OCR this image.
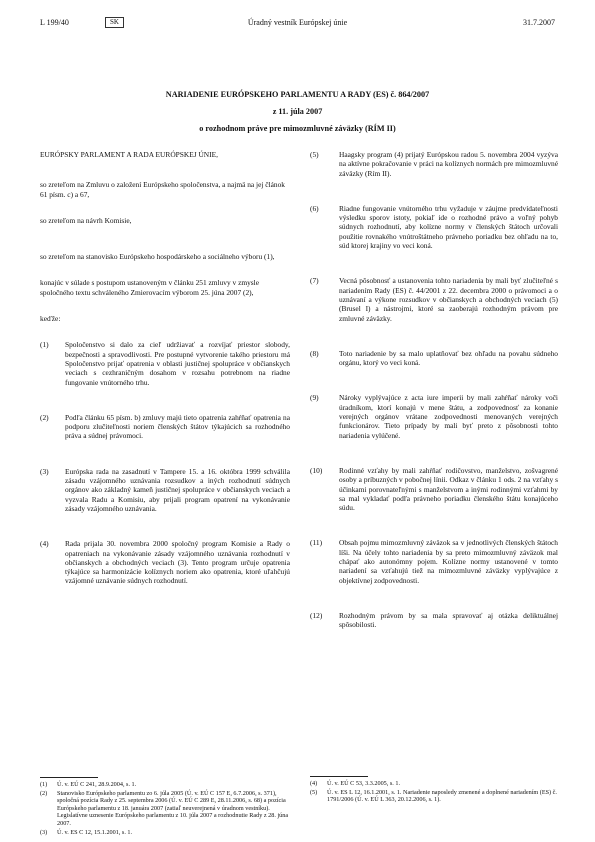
L 199/40	SK	Úradný vestník Európskej únie	31.7.2007
NARIADENIE EURÓPSKEHO PARLAMENTU A RADY (ES) č. 864/2007
z 11. júla 2007
o rozhodnom práve pre mimozmluvné záväzky (RÍM II)

EURÓPSKY PARLAMENT A RADA EURÓPSKEJ ÚNIE,

so zreteľom na Zmluvu o založení Európskeho spoločenstva, a najmä na jej článok 61 písm. c) a 67,

so zreteľom na návrh Komisie,

so zreteľom na stanovisko Európskeho hospodárskeho a sociálneho výboru (1),

konajúc v súlade s postupom ustanoveným v článku 251 zmluvy v zmysle spoločného textu schváleného Zmierovacím výborom 25. júna 2007 (2),

keďže:

(1) Spoločenstvo si dalo za cieľ udržiavať a rozvíjať priestor slobody, bezpečnosti a spravodlivosti. Pre postupné vytvorenie takého priestoru má Spoločenstvo prijať opatrenia v oblasti justičnej spolupráce v občianskych veciach s cezhraničným dosahom v rozsahu potrebnom na riadne fungovanie vnútorného trhu.
(2) Podľa článku 65 písm. b) zmluvy majú tieto opatrenia zahŕňať opatrenia na podporu zlučiteľnosti noriem členských štátov týkajúcich sa rozhodného práva a súdnej právomoci.
(3) Európska rada na zasadnutí v Tampere 15. a 16. októbra 1999 schválila zásadu vzájomného uznávania rozsudkov a iných rozhodnutí súdnych orgánov ako základný kameň justičnej spolupráce v občianskych veciach a vyzvala Radu a Komisiu, aby prijali program opatrení na vykonávanie zásady vzájomného uznávania.
(4) Rada prijala 30. novembra 2000 spoločný program Komisie a Rady o opatreniach na vykonávanie zásady vzájomného uznávania rozhodnutí v občianskych a obchodných veciach (3). Tento program určuje opatrenia týkajúce sa harmonizácie kolíznych noriem ako opatrenia, ktoré uľahčujú vzájomné uznávanie súdnych rozhodnutí.
(5)	Haagsky program (4) prijatý Európskou radou 5. novembra 2004 vyzýva na aktívne pokračovanie v práci na kolíznych normách pre mimozmluvné záväzky (Rím II).
(6)	Riadne fungovanie vnútorného trhu vyžaduje v záujme predvídateľnosti výsledku sporov istoty, pokiaľ ide o rozhodné právo a voľný pohyb súdnych rozhodnutí, aby kolízne normy v členských štátoch určovali použitie rovnakého vnútroštátneho právneho poriadku bez ohľadu na to, súd ktorej krajiny vo veci koná.
(7)	Vecná pôsobnosť a ustanovenia tohto nariadenia by mali byť zlučiteľné s nariadením Rady (ES) č. 44/2001 z 22. decembra 2000 o právomoci a o uznávaní a výkone rozsudkov v občianskych a obchodných veciach (5) (Brusel I) a nástrojmi, ktoré sa zaoberajú rozhodným právom pre zmluvné záväzky.
(8)	Toto nariadenie by sa malo uplatňovať bez ohľadu na povahu súdneho orgánu, ktorý vo veci koná.
(9)	Nároky vyplývajúce z acta iure imperii by mali zahŕňať nároky voči úradníkom, ktorí konajú v mene štátu, a zodpovednosť za konanie verejných orgánov vrátane zodpovednosti menovaných verejných funkcionárov. Tieto prípady by mali byť preto z pôsobnosti tohto nariadenia vylúčené.
(10) Rodinné vzťahy by mali zahŕňať rodičovstvo, manželstvo, zošvagrené osoby a príbuzných v pobočnej línii. Odkaz v článku 1 ods. 2 na vzťahy s účinkami porovnateľnými s manželstvom a inými rodinnými vzťahmi by sa mal vykladať podľa právneho poriadku členského štátu konajúceho súdu.
(11) Obsah pojmu mimozmluvný záväzok sa v jednotlivých členských štátoch líši. Na účely tohto nariadenia by sa preto mimozmluvný záväzok mal chápať ako autonómny pojem. Kolízne normy ustanovené v tomto nariadení sa vzťahujú tiež na mimozmluvné záväzky vyplývajúce z objektívnej zodpovednosti.
(12) Rozhodným právom by sa mala spravovať aj otázka deliktuálnej spôsobilosti.
(1) Ú. v. EÚ C 241, 28.9.2004, s. 1.
(2) Stanovisko Európskeho parlamentu zo 6. júla 2005 (Ú. v. EÚ C 157 E, 6.7.2006, s. 371), spoločná pozícia Rady z 25. septembra 2006 (Ú. v. EÚ C 289 E, 28.11.2006, s. 68) a pozícia Európskeho parlamentu z 18. januára 2007 (zatiaľ neuverejnená v úradnom vestníku). Legislatívne uznesenie Európskeho parlamentu z 10. júla 2007 a rozhodnutie Rady z 28. júna 2007.
(3) Ú. v. ES C 12, 15.1.2001, s. 1.
(4) Ú. v. EÚ C 53, 3.3.2005, s. 1.
(5) Ú. v. ES L 12, 16.1.2001, s. 1. Nariadenie naposledy zmenené a doplnené nariadením (ES) č. 1791/2006 (Ú. v. EÚ L 363, 20.12.2006, s. 1).
